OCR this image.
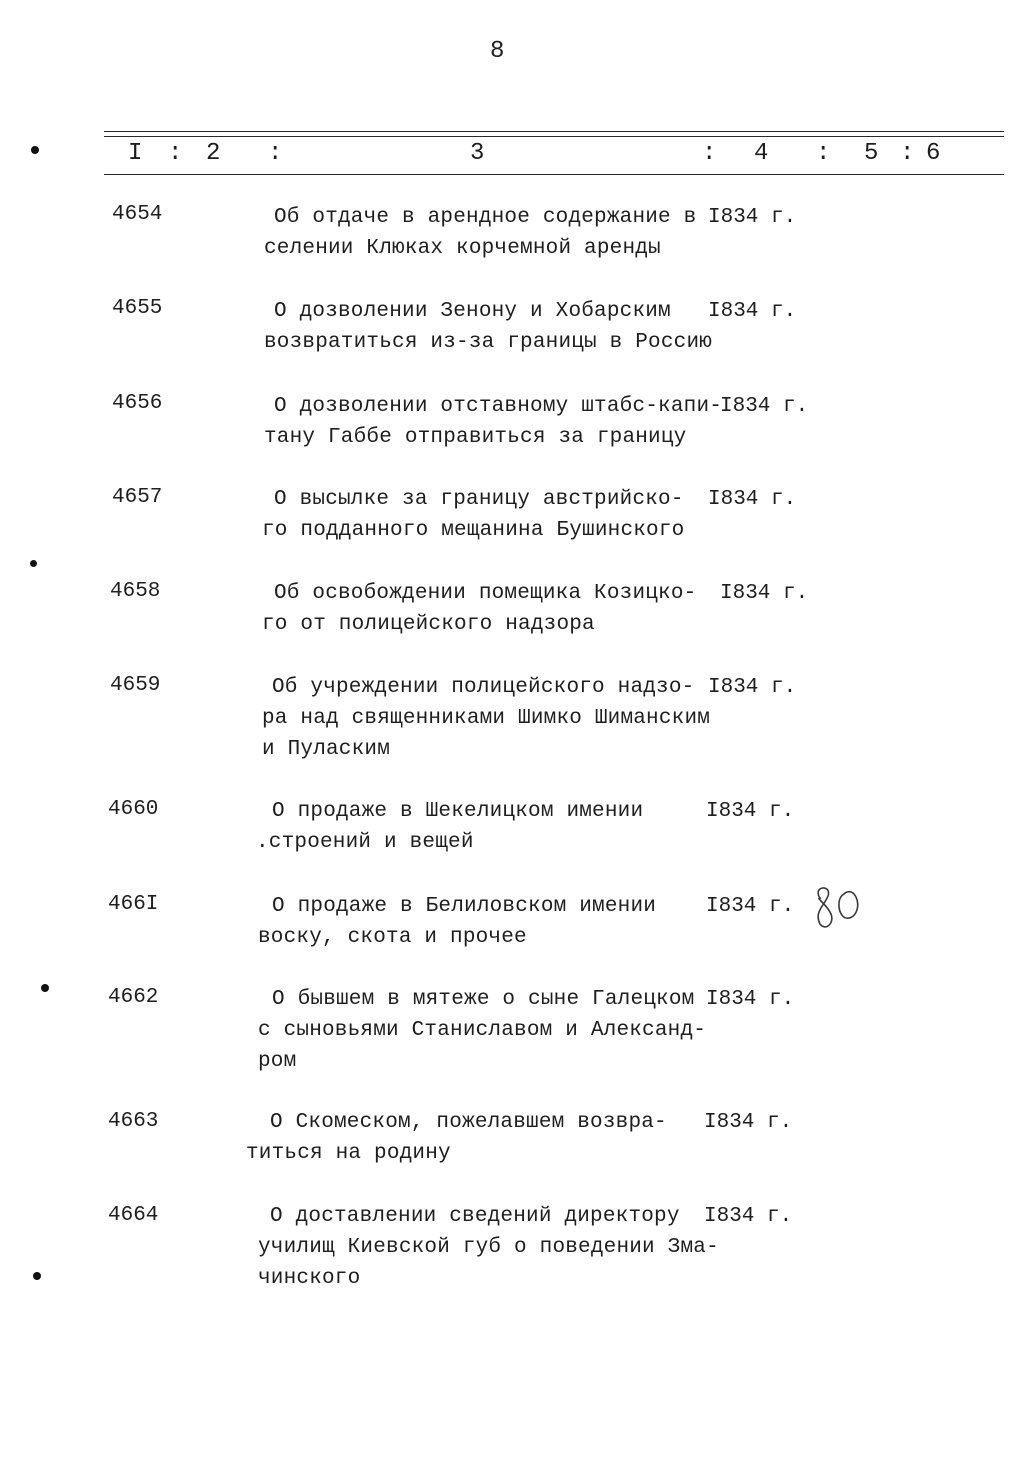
8
I : 2 :	3	: 4 : 5 : 6
4654	Об отдаче в арендное содержание в
селении Клюках корчемной аренды
I834 г.
4655	О дозволении Зенону и Хобарским
возвратиться из-за границы в Россию
I834 г.
4656	О дозволении отставному штабс-капи-
тану Габбе отправиться за границу
I834 г.
4657	О высылке за границу австрийско-
го подданного мещанина Бушинского
I834 г.
4658	Об освобождении помещика Козицко-
го от полицейского надзора
I834 г.
4659	Об учреждении полицейского надзо-
ра над священниками Шимко Шиманским
и Пуласким
I834 г.
4660	О продаже в Шекелицком имении
.строений и вещей
I834 г.
466I	О продаже в Белиловском имении
воску, скота и прочее
I834 г.
4662	О бывшем в мятеже о сыне Галецком
с сыновьями Станиславом и Александ-
ром
I834 г.
4663	О Скомеском, пожелавшем возвра-
титься на родину
I834 г.
4664	О доставлении сведений директору
училищ Киевской губ о поведении Зма-
чинского
I834 г.
